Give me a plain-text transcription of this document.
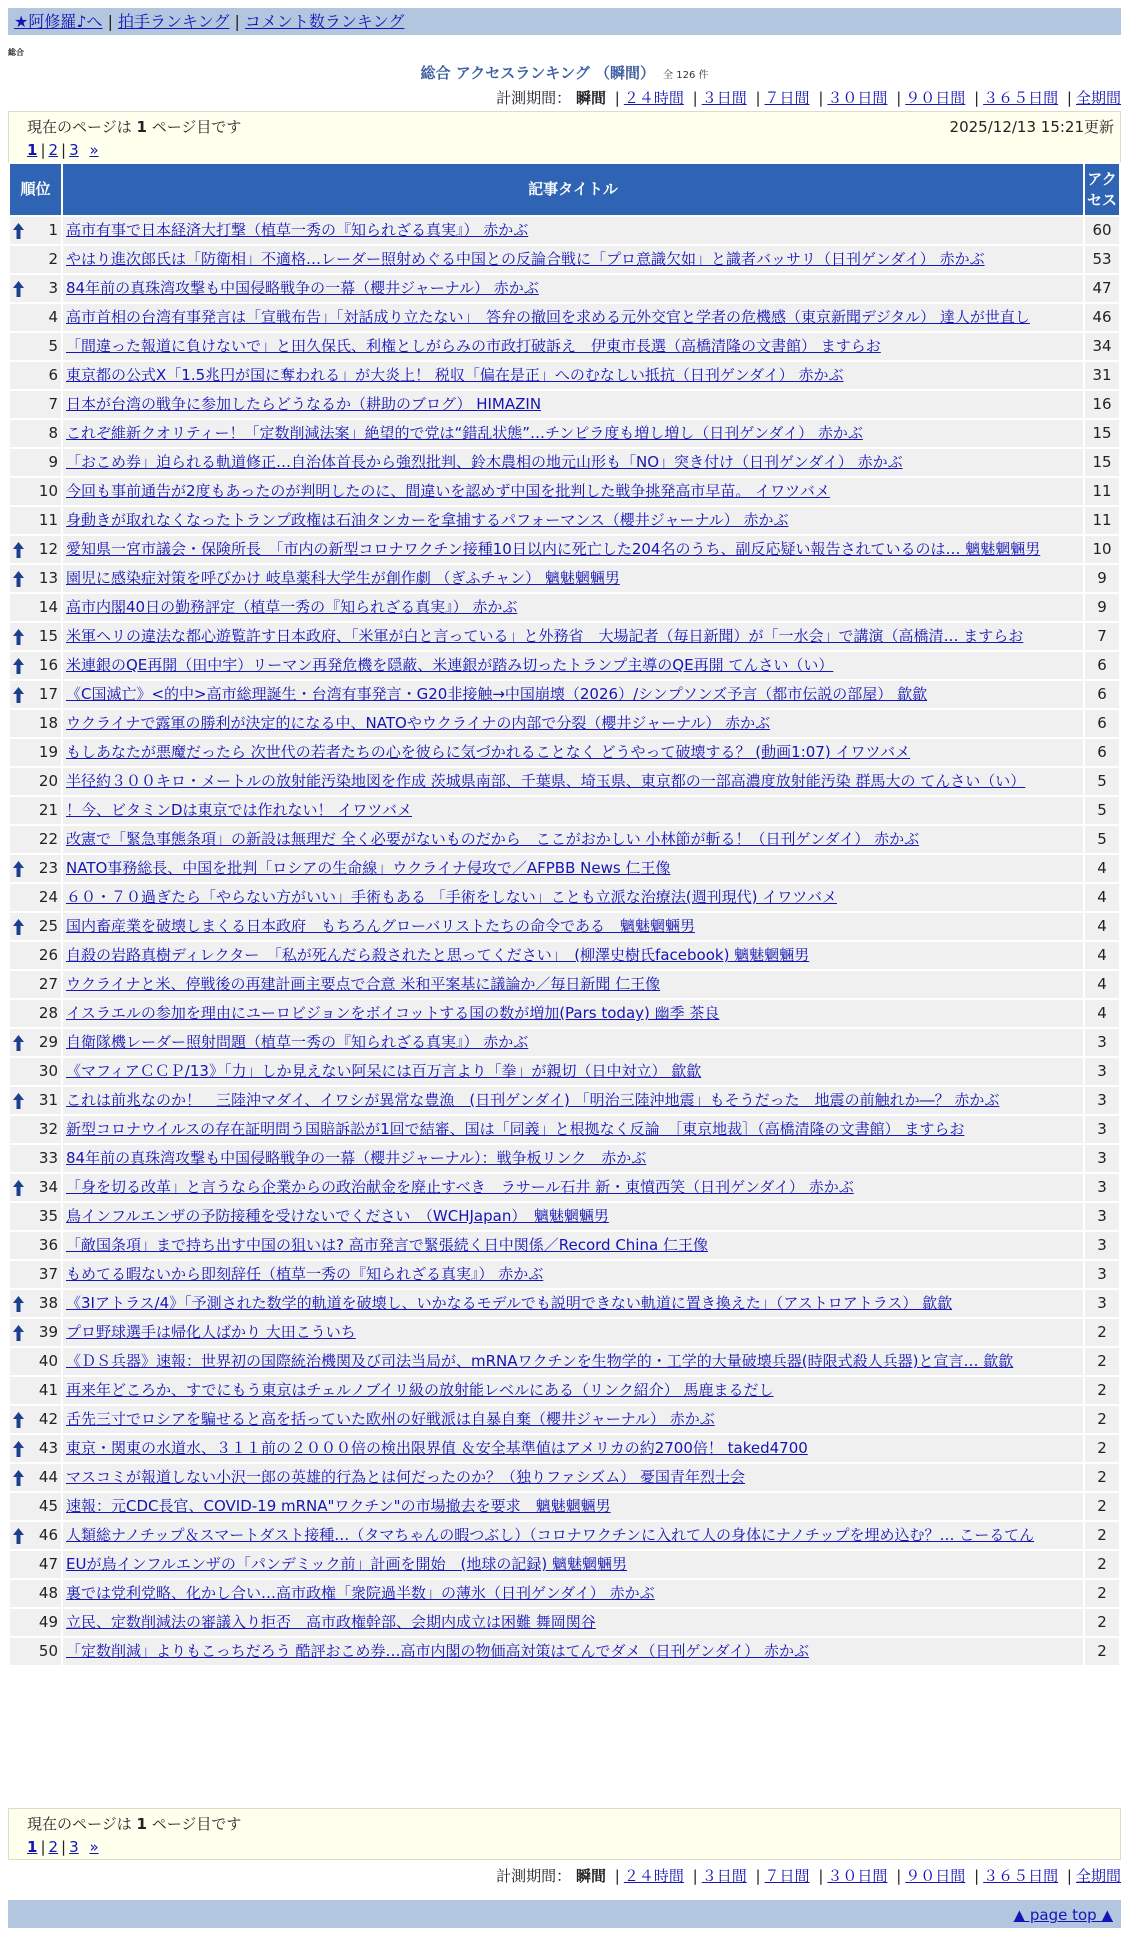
★阿修羅♪へ | 拍手ランキング | コメント数ランキング
総合
総合 アクセスランキング （瞬間） 全 126 件
計測期間： 瞬間 | ２４時間 | ３日間 | ７日間 | ３０日間 | ９０日間 | ３６５日間 | 全期間
現在のページは 1 ページ目です	2025/12/13 15:21更新
1 | 2 | 3 »
順位	記事タイトル	アクセス

1	高市有事で日本経済大打撃（植草一秀の『知られざる真実』） 赤かぶ	60
2	やはり進次郎氏は「防衛相」不適格…レーダー照射めぐる中国との反論合戦に「プロ意識欠如」と識者バッサリ（日刊ゲンダイ） 赤かぶ	53

3	84年前の真珠湾攻撃も中国侵略戦争の一幕（櫻井ジャーナル） 赤かぶ	47
4	高市首相の台湾有事発言は「宣戦布告」「対話成り立たない」　答弁の撤回を求める元外交官と学者の危機感（東京新聞デジタル） 達人が世直し	46
5	「間違った報道に負けないで」と田久保氏、利権としがらみの市政打破訴え　伊東市長選（高橋清隆の文書館） ますらお	34
6	東京都の公式X「1.5兆円が国に奪われる」が大炎上！ 税収「偏在是正」へのむなしい抵抗（日刊ゲンダイ） 赤かぶ	31
7	日本が台湾の戦争に参加したらどうなるか（耕助のブログ） HIMAZIN	16
8	これぞ維新クオリティー！「定数削減法案」絶望的で党は“錯乱状態”…チンピラ度も増し増し（日刊ゲンダイ） 赤かぶ	15
9	「おこめ券」迫られる軌道修正…自治体首長から強烈批判、鈴木農相の地元山形も「NO」突き付け（日刊ゲンダイ） 赤かぶ	15
10	今回も事前通告が2度もあったのが判明したのに、間違いを認めず中国を批判した戦争挑発高市早苗。 イワツバメ	11
11	身動きが取れなくなったトランプ政権は石油タンカーを拿捕するパフォーマンス（櫻井ジャーナル） 赤かぶ	11

12	愛知県一宮市議会・保険所長　「市内の新型コロナワクチン接種10日以内に死亡した204名のうち、副反応疑い報告されているのは… 魑魅魍魎男	10

13	園児に感染症対策を呼びかけ 岐阜薬科大学生が創作劇 （ぎふチャン） 魑魅魍魎男	9
14	高市内閣40日の勤務評定（植草一秀の『知られざる真実』） 赤かぶ	9

15	米軍ヘリの違法な都心遊覧許す日本政府、「米軍が白と言っている」と外務省　大場記者（毎日新聞）が「一水会」で講演（高橋清… ますらお	7

16	米連銀のQE再開（田中宇）リーマン再発危機を隠蔽、米連銀が踏み切ったトランプ主導のQE再開 てんさい（い）	6

17	《C国滅亡》<的中>高市総理誕生・台湾有事発言・G20非接触→中国崩壊（2026）/シンプソンズ予言（都市伝説の部屋） 歙歙	6
18	ウクライナで露軍の勝利が決定的になる中、NATOやウクライナの内部で分裂（櫻井ジャーナル） 赤かぶ	6
19	もしあなたが悪魔だったら 次世代の若者たちの心を彼らに気づかれることなく どうやって破壊する？ (動画1:07) イワツバメ	6
20	半径約３００キロ・メートルの放射能汚染地図を作成 茨城県南部、千葉県、埼玉県、東京都の一部高濃度放射能汚染 群馬大の てんさい（い）	5
21	！今、ビタミンDは東京では作れない！ イワツバメ	5
22	改憲で「緊急事態条項」の新設は無理だ 全く必要がないものだから　ここがおかしい 小林節が斬る！（日刊ゲンダイ） 赤かぶ	5

23	NATO事務総長、中国を批判「ロシアの生命線」ウクライナ侵攻で／AFPBB News 仁王像	4
24	６０・７０過ぎたら「やらない方がいい」手術もある 「手術をしない」ことも立派な治療法(週刊現代) イワツバメ	4

25	国内畜産業を破壊しまくる日本政府　もちろんグローバリストたちの命令である　魑魅魍魎男	4
26	自殺の岩路真樹ディレクター　「私が死んだら殺されたと思ってください」　(柳澤史樹氏facebook) 魑魅魍魎男	4
27	ウクライナと米、停戦後の再建計画主要点で合意 米和平案基に議論か／毎日新聞 仁王像	4
28	イスラエルの参加を理由にユーロビジョンをボイコットする国の数が増加(Pars today) 幽季 茶良	4

29	自衛隊機レーダー照射問題（植草一秀の『知られざる真実』） 赤かぶ	3
30	《マフィアＣＣＰ/13》「力」しか見えない阿呆には百万言より「拳」が親切（日中対立） 歙歙	3

31	これは前兆なのか！　三陸沖マダイ、イワシが異常な豊漁　(日刊ゲンダイ) 「明治三陸沖地震」もそうだった　地震の前触れか―？ 赤かぶ	3
32	新型コロナウイルスの存在証明問う国賠訴訟が1回で結審、国は「同義」と根拠なく反論　［東京地裁］（高橋清隆の文書館） ますらお	3
33	84年前の真珠湾攻撃も中国侵略戦争の一幕（櫻井ジャーナル）：戦争板リンク　赤かぶ	3

34	「身を切る改革」と言うなら企業からの政治献金を廃止すべき　ラサール石井 新・東憤西笑（日刊ゲンダイ） 赤かぶ	3
35	鳥インフルエンザの予防接種を受けないでください　（WCHJapan）　魑魅魍魎男	3
36	「敵国条項」まで持ち出す中国の狙いは? 高市発言で緊張続く日中関係／Record China 仁王像	3
37	もめてる暇ないから即刻辞任（植草一秀の『知られざる真実』） 赤かぶ	3

38	《3Iアトラス/4》「予測された数学的軌道を破壊し、いかなるモデルでも説明できない軌道に置き換えた」（アストロアトラス） 歙歙	3

39	プロ野球選手は帰化人ばかり 大田こういち	2
40	《ＤＳ兵器》速報：世界初の国際統治機関及び司法当局が、mRNAワクチンを生物学的・工学的大量破壊兵器(時限式殺人兵器)と宣言… 歙歙	2
41	再来年どころか、すでにもう東京はチェルノブイリ級の放射能レベルにある（リンク紹介） 馬鹿まるだし	2

42	舌先三寸でロシアを騙せると高を括っていた欧州の好戦派は自暴自棄（櫻井ジャーナル） 赤かぶ	2

43	東京・関東の水道水、３１１前の２０００倍の検出限界值 ＆安全基準値はアメリカの約2700倍！ taked4700	2

44	マスコミが報道しない小沢一郎の英雄的行為とは何だったのか？（独りファシズム） 憂国青年烈士会	2
45	速報：元CDC長官、COVID-19 mRNA"ワクチン"の市場撤去を要求　魑魅魍魎男	2

46	人類総ナノチップ＆スマートダスト接種…（タマちゃんの暇つぶし）（コロナワクチンに入れて人の身体にナノチップを埋め込む？… こーるてん	2
47	EUが鳥インフルエンザの「パンデミック前」計画を開始　(地球の記録) 魑魅魍魎男	2
48	裏では党利党略、化かし合い…高市政権「衆院過半数」の薄氷（日刊ゲンダイ） 赤かぶ	2
49	立民、定数削減法の審議入り拒否　高市政権幹部、会期内成立は困難 舞岡関谷	2
50	「定数削減」よりもこっちだろう 酷評おこめ券…高市内閣の物価高対策はてんでダメ（日刊ゲンダイ） 赤かぶ	2
現在のページは 1 ページ目です
1 | 2 | 3 »
計測期間： 瞬間 | ２４時間 | ３日間 | ７日間 | ３０日間 | ９０日間 | ３６５日間 | 全期間
▲ page top ▲
